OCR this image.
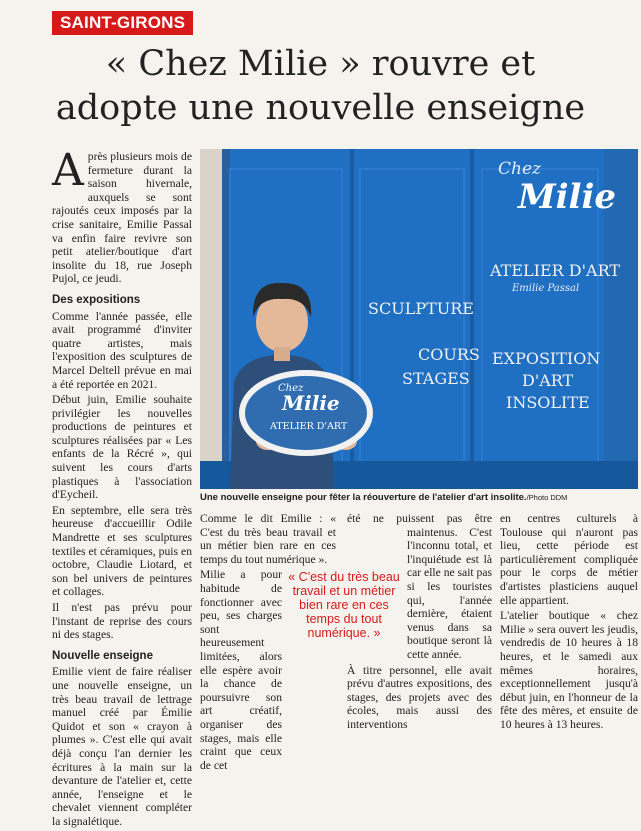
SAINT-GIRONS
« Chez Milie » rouvre et
adopte une nouvelle enseigne

A près plusieurs mois de fermeture durant la saison hivernale, auxquels se sont rajoutés ceux imposés par la crise sanitaire, Emilie Passal va enfin faire revivre son petit atelier/boutique d'art insolite du 18, rue Joseph Pujol, ce jeudi.

Des expositions

Comme l'année passée, elle avait programmé d'inviter quatre artistes, mais l'exposition des sculptures de Marcel Deltell prévue en mai a été reportée en 2021.

Début juin, Emilie souhaite privilégier les nouvelles productions de peintures et sculptures réalisées par « Les enfants de la Récré », qui suivent les cours d'arts plastiques à l'association d'Eycheil.

En septembre, elle sera très heureuse d'accueillir Odile Mandrette et ses sculptures textiles et céramiques, puis en octobre, Claudie Liotard, et son bel univers de peintures et collages.

Il n'est pas prévu pour l'instant de reprise des cours ni des stages.

Nouvelle enseigne

Emilie vient de faire réaliser une nouvelle enseigne, un très beau travail de lettrage manuel créé par Émilie Quidot et son « crayon à plumes ». C'est elle qui avait déjà conçu l'an dernier les écritures à la main sur la devanture de l'atelier et, cette année, l'enseigne et le chevalet viennent compléter la signalétique.

Chez
Milie
ATELIER D'ART
Emilie Passal
SCULPTURE
COURS
STAGES
EXPOSITION
D'ART
INSOLITE
Chez
Milie
ATELIER D'ART
Une nouvelle enseigne pour fêter la réouverture de l'atelier d'art insolite./Photo DDM

Comme le dit Emilie : « C'est du très beau travail et un métier bien rare en ces temps du tout numérique ».

Milie a pour habitude de fonctionner avec peu, ses charges sont heureusement limitées, alors elle espère avoir la chance de poursuivre son art créatif, organiser des stages, mais elle craint que ceux de cet

été ne puissent pas être maintenus. C'est l'inconnu total, et l'inquiétude est là car elle ne sait pas si les touristes qui, l'année dernière, étaient venus dans sa boutique seront là cette année.

À titre personnel, elle avait prévu d'autres expositions, des stages, des projets avec des écoles, mais aussi des interventions

« C'est du très beau travail et un métier bien rare en ces temps du tout numérique. »

en centres culturels à Toulouse qui n'auront pas lieu, cette période est particulièrement compliquée pour le corps de métier d'artistes plasticiens auquel elle appartient.

L'atelier boutique « chez Milie » sera ouvert les jeudis, vendredis de 10 heures à 18 heures, et le samedi aux mêmes horaires, exceptionnellement jusqu'à début juin, en l'honneur de la fête des mères, et ensuite de 10 heures à 13 heures.
